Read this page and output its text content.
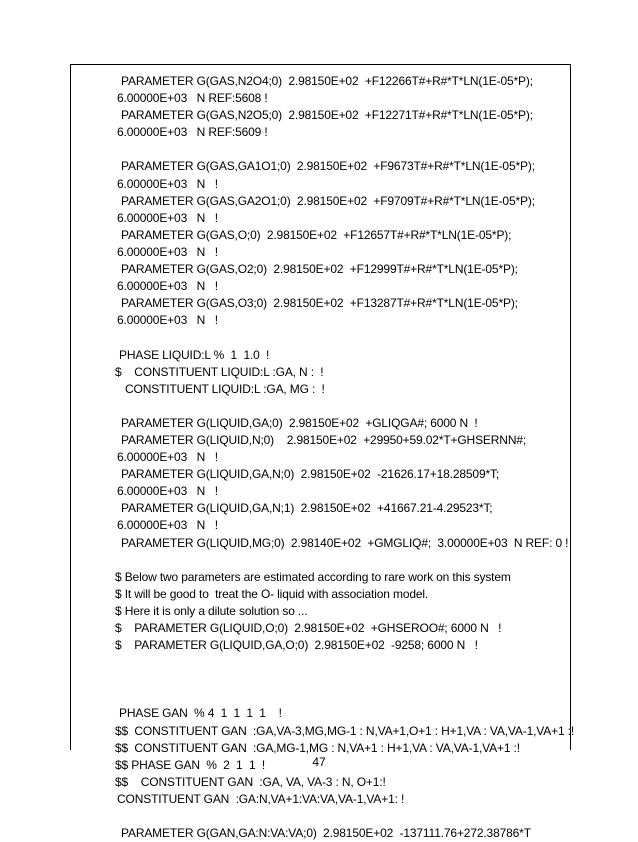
PARAMETER G(GAS,N2O4;0)  2.98150E+02  +F12266T#+R#*T*LN(1E-05*P);
6.00000E+03   N REF:5608 !
PARAMETER G(GAS,N2O5;0)  2.98150E+02  +F12271T#+R#*T*LN(1E-05*P);
6.00000E+03   N REF:5609 !
PARAMETER G(GAS,GA1O1;0)  2.98150E+02  +F9673T#+R#*T*LN(1E-05*P);
6.00000E+03   N   !
PARAMETER G(GAS,GA2O1;0)  2.98150E+02  +F9709T#+R#*T*LN(1E-05*P);
6.00000E+03   N   !
PARAMETER G(GAS,O;0)  2.98150E+02  +F12657T#+R#*T*LN(1E-05*P);
6.00000E+03   N   !
PARAMETER G(GAS,O2;0)  2.98150E+02  +F12999T#+R#*T*LN(1E-05*P);
6.00000E+03   N   !
PARAMETER G(GAS,O3;0)  2.98150E+02  +F13287T#+R#*T*LN(1E-05*P);
6.00000E+03   N   !
PHASE LIQUID:L %  1  1.0  !
$    CONSTITUENT LIQUID:L :GA, N :  !
CONSTITUENT LIQUID:L :GA, MG :  !
PARAMETER G(LIQUID,GA;0)  2.98150E+02  +GLIQGA#; 6000 N  !
PARAMETER G(LIQUID,N;0)    2.98150E+02  +29950+59.02*T+GHSERNN#;
6.00000E+03   N   !
PARAMETER G(LIQUID,GA,N;0)  2.98150E+02  -21626.17+18.28509*T;
6.00000E+03   N   !
PARAMETER G(LIQUID,GA,N;1)  2.98150E+02  +41667.21-4.29523*T;
6.00000E+03   N   !
PARAMETER G(LIQUID,MG;0)  2.98140E+02  +GMGLIQ#;  3.00000E+03  N REF: 0 !
$ Below two parameters are estimated according to rare work on this system
$ It will be good to  treat the O- liquid with association model.
$ Here it is only a dilute solution so ...
$    PARAMETER G(LIQUID,O;0)  2.98150E+02  +GHSEROO#; 6000 N   !
$    PARAMETER G(LIQUID,GA,O;0)  2.98150E+02  -9258; 6000 N   !
PHASE GAN  % 4  1  1  1  1    !
$$  CONSTITUENT GAN  :GA,VA-3,MG,MG-1 : N,VA+1,O+1 : H+1,VA : VA,VA-1,VA+1 :!
$$  CONSTITUENT GAN  :GA,MG-1,MG : N,VA+1 : H+1,VA : VA,VA-1,VA+1 :!
$$ PHASE GAN  %  2  1  1  !
$$    CONSTITUENT GAN  :GA, VA, VA-3 : N, O+1:!
CONSTITUENT GAN  :GA:N,VA+1:VA:VA,VA-1,VA+1: !
PARAMETER G(GAN,GA:N:VA:VA;0)  2.98150E+02  -137111.76+272.38786*T
47
